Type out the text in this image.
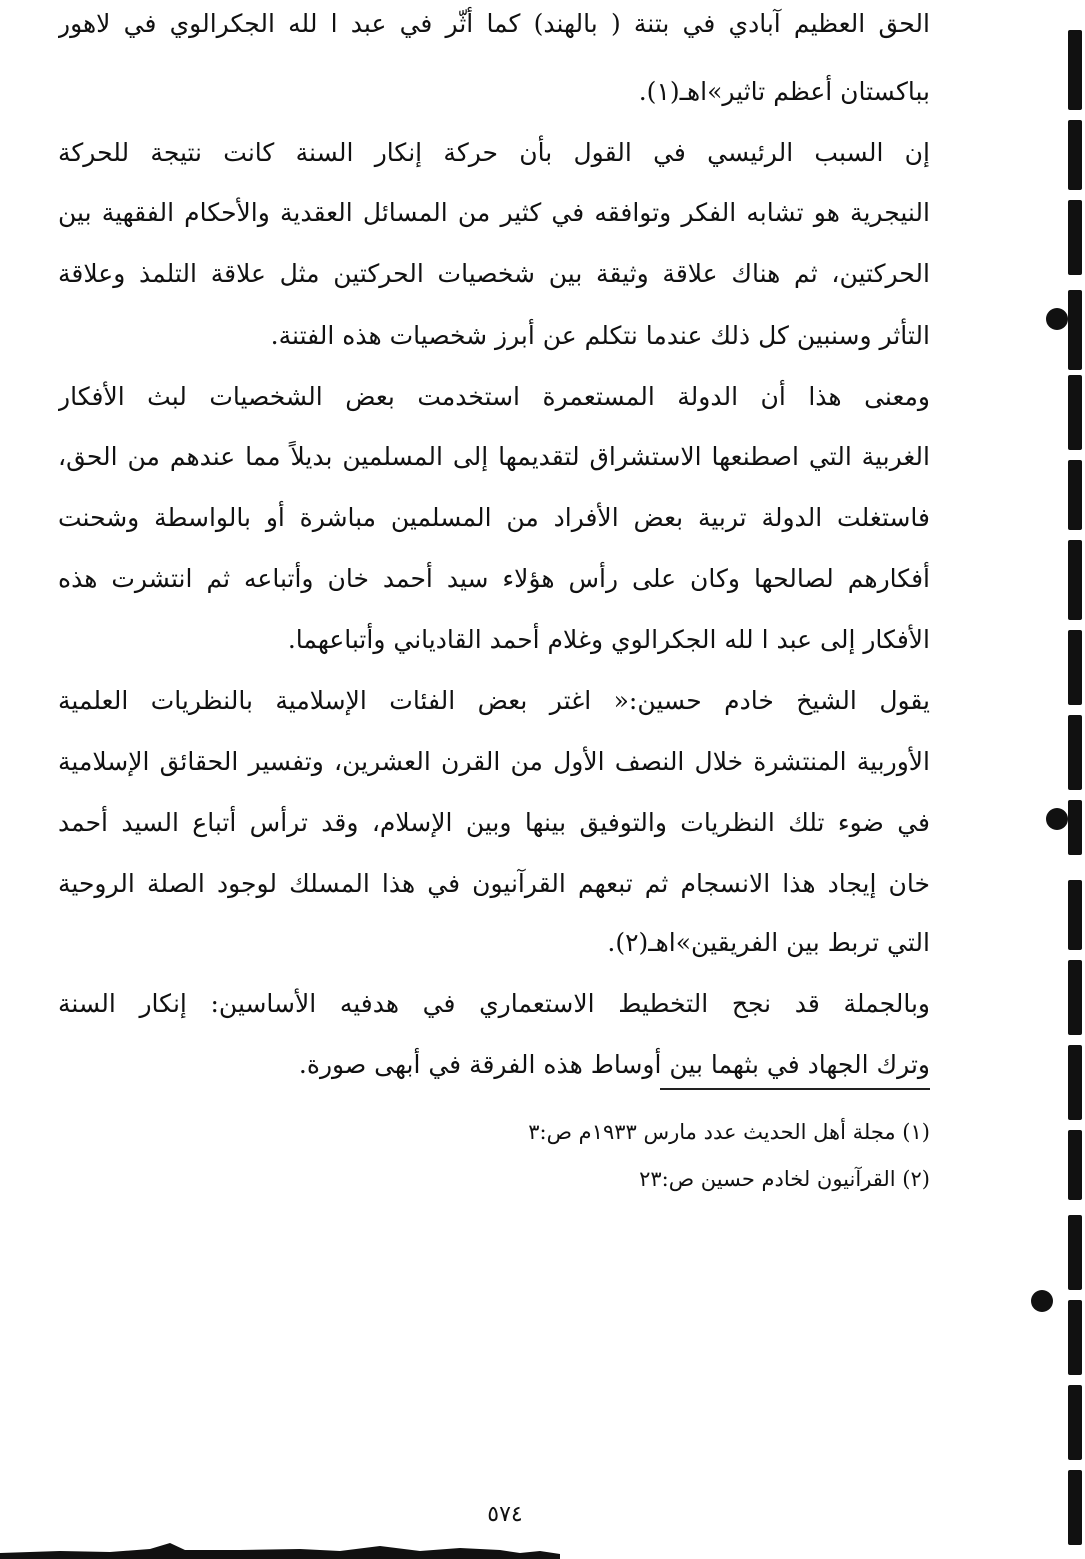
الحق العظيم آبادي في بتنة ( بالهند) كما أثّر في عبد ا لله الجكرالوي في لاهور
بباكستان أعظم تاثير»اهـ(١).
إن السبب الرئيسي في القول بأن حركة إنكار السنة كانت نتيجة للحركة
النيجرية هو تشابه الفكر وتوافقه في كثير من المسائل العقدية والأحكام الفقهية بين
الحركتين، ثم هناك علاقة وثيقة بين شخصيات الحركتين مثل علاقة التلمذ وعلاقة
التأثر وسنبين كل ذلك عندما نتكلم عن أبرز شخصيات هذه الفتنة.
ومعنى هذا أن الدولة المستعمرة استخدمت بعض الشخصيات لبث الأفكار
الغربية التي اصطنعها الاستشراق لتقديمها إلى المسلمين بديلاً مما عندهم من الحق،
فاستغلت الدولة تربية بعض الأفراد من المسلمين مباشرة أو بالواسطة وشحنت
أفكارهم لصالحها وكان على رأس هؤلاء سيد أحمد خان وأتباعه ثم انتشرت هذه
الأفكار إلى عبد ا لله الجكرالوي وغلام أحمد القادياني وأتباعهما.
يقول الشيخ خادم حسين:« اغتر بعض الفئات الإسلامية بالنظريات العلمية
الأوربية المنتشرة خلال النصف الأول من القرن العشرين، وتفسير الحقائق الإسلامية
في ضوء تلك النظريات والتوفيق بينها وبين الإسلام، وقد ترأس أتباع السيد أحمد
خان إيجاد هذا الانسجام ثم تبعهم القرآنيون في هذا المسلك لوجود الصلة الروحية
التي تربط بين الفريقين»اهـ(٢).
وبالجملة قد نجح التخطيط الاستعماري في هدفيه الأساسين: إنكار السنة
وترك الجهاد في بثهما بين أوساط هذه الفرقة في أبهى صورة.
(١) مجلة أهل الحديث عدد مارس ١٩٣٣م ص:٣
(٢) القرآنيون لخادم حسين ص:٢٣
٥٧٤
